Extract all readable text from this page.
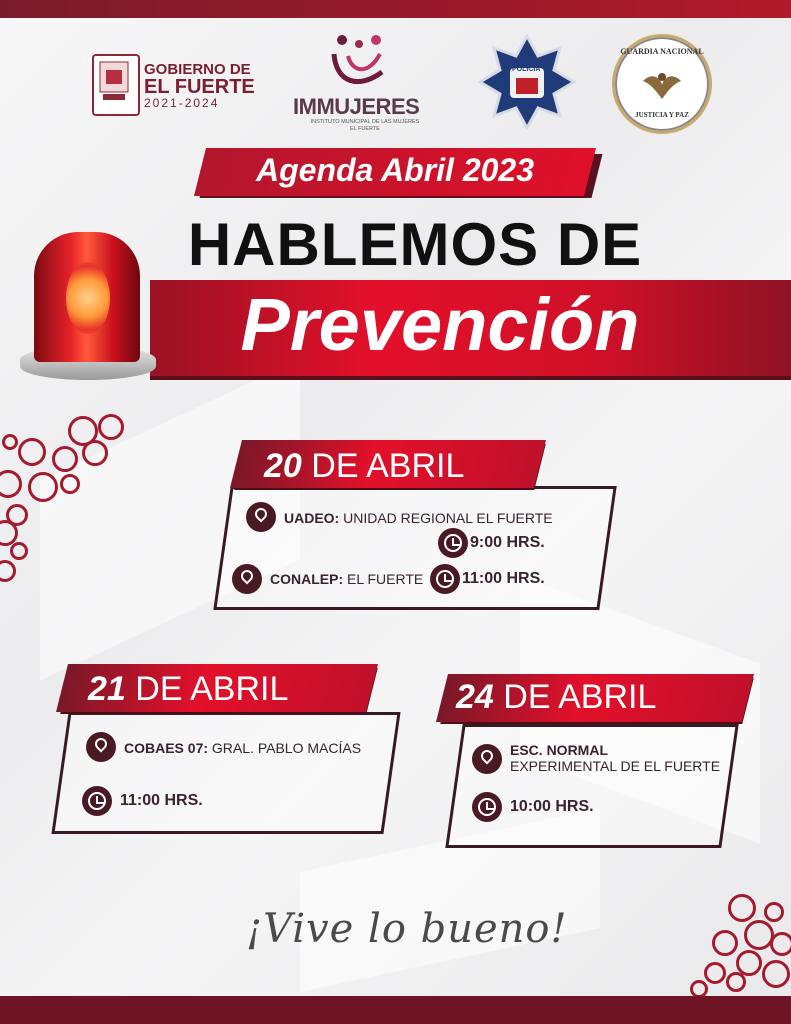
GOBIERNO DE
EL FUERTE
2021-2024	IMMUJERES
INSTITUTO MUNICIPAL DE LAS MUJERES
EL FUERTE
POLICÍA
GUARDIA NACIONAL
JUSTICIA Y PAZ
Agenda Abril 2023
HABLEMOS DE
Prevención
20 DE ABRIL
UADEO: UNIDAD REGIONAL EL FUERTE
9:00 HRS.
CONALEP: EL FUERTE 11:00 HRS.
21 DE ABRIL
COBAES 07: GRAL. PABLO MACÍAS
11:00 HRS.
24 DE ABRIL
ESC. NORMAL
EXPERIMENTAL DE EL FUERTE
10:00 HRS.
¡Vive lo bueno!
